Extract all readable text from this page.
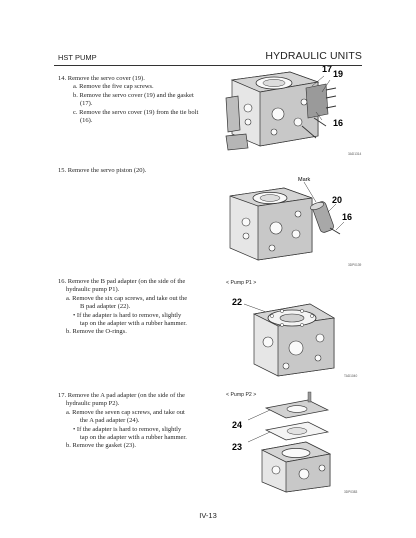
HST PUMP	HYDRAULIC UNITS
14. Remove the servo cover (19).
a. Remove the five cap screws.
b. Remove the servo cover (19) and the gasket
(17).
c. Remove the servo cover (19) from the tie bolt
(16).
15. Remove the servo piston (20).
16. Remove the B pad adapter (on the side of the
hydraulic pump P1).
a. Remove the six cap screws, and take out the
B pad adapter (22).
• If the adapter is hard to remove, slightly
tap on the adapter with a rubber hammer.
b. Remove the O-rings.
17. Remove the A pad adapter (on the side of the
hydraulic pump P2).
a. Remove the seven cap screws, and take out
the A pad adapter (24).
• If the adapter is hard to remove, slightly
tap on the adapter with a rubber hammer.
b. Remove the gasket (23).
17 19
16
3AD1314
Mark
20
16
3DP0139
< Pump P1 >
22
TAD1040
< Pump P2 >
24
23
3DP0383
IV-13
